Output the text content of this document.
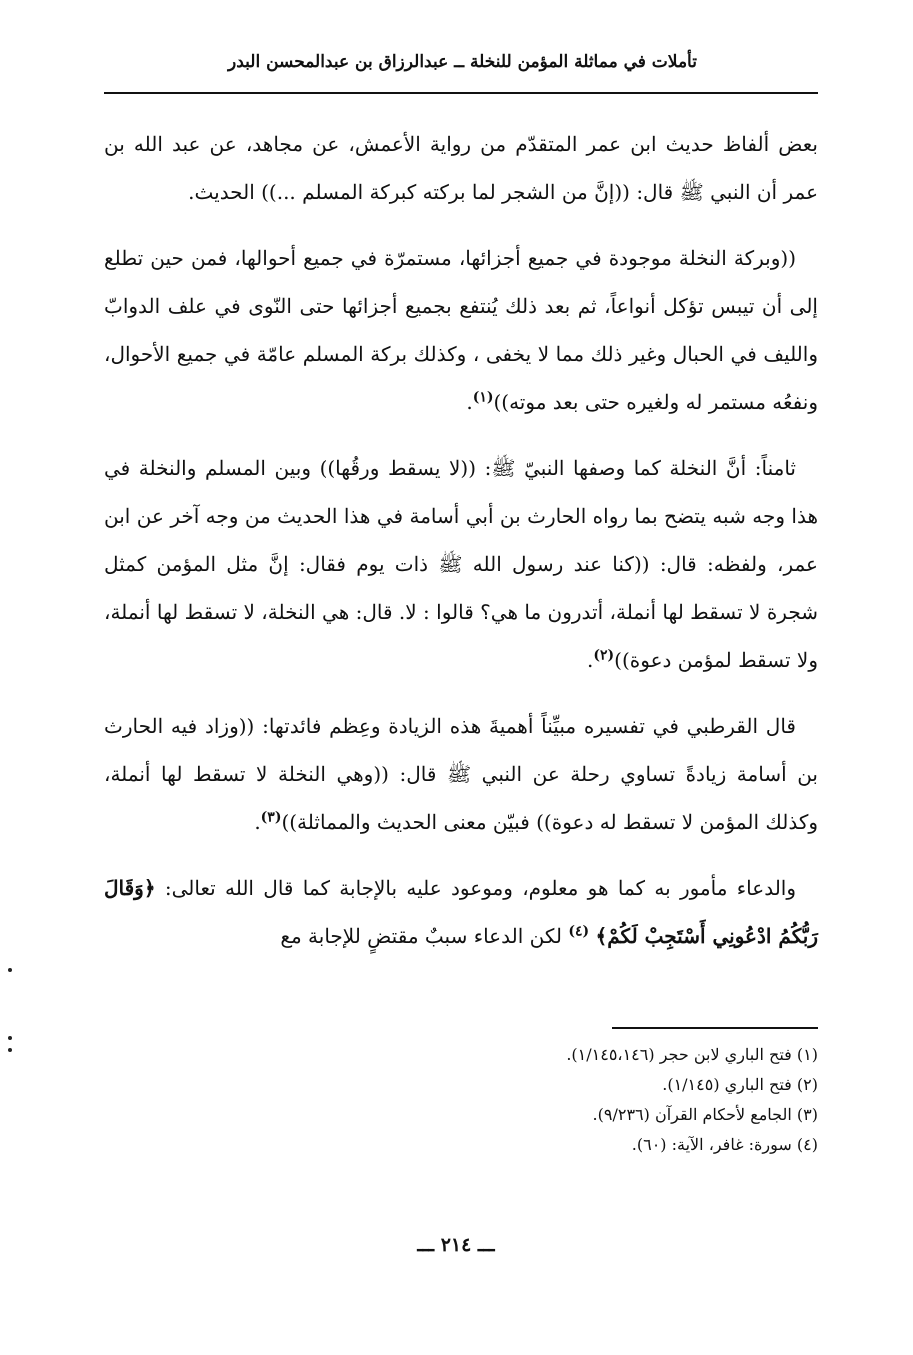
تأملات في مماثلة المؤمن للنخلة ــ عبدالرزاق بن عبدالمحسن البدر

بعض ألفاظ حديث ابن عمر المتقدّم من رواية الأعمش، عن مجاهد، عن عبد الله بن عمر أن النبي ﷺ قال: ((إنَّ من الشجر لما بركته كبركة المسلم ...)) الحديث.

((وبركة النخلة موجودة في جميع أجزائها، مستمرّة في جميع أحوالها، فمن حين تطلع إلى أن تيبس تؤكل أنواعاً، ثم بعد ذلك يُنتفع بجميع أجزائها حتى النّوى في علف الدوابّ والليف في الحبال وغير ذلك مما لا يخفى ، وكذلك بركة المسلم عامّة في جميع الأحوال، ونفعُه مستمر له ولغيره حتى بعد موته))$^{(١)}$.

ثامناً: أنَّ النخلة كما وصفها النبيّ ﷺ: ((لا يسقط ورقُها)) وبين المسلم والنخلة في هذا وجه شبه يتضح بما رواه الحارث بن أبي أسامة في هذا الحديث من وجه آخر عن ابن عمر، ولفظه: قال: ((كنا عند رسول الله ﷺ ذات يوم فقال: إنَّ مثل المؤمن كمثل شجرة لا تسقط لها أنملة، أتدرون ما هي؟ قالوا : لا. قال: هي النخلة، لا تسقط لها أنملة، ولا تسقط لمؤمن دعوة))$^{(٢)}$.

قال القرطبي في تفسيره مبيِّناً أهميةَ هذه الزيادة وعِظم فائدتها: ((وزاد فيه الحارث بن أسامة زيادةً تساوي رحلة عن النبي ﷺ قال: ((وهي النخلة لا تسقط لها أنملة، وكذلك المؤمن لا تسقط له دعوة)) فبيّن معنى الحديث والمماثلة))$^{(٣)}$.

والدعاء مأمور به كما هو معلوم، وموعود عليه بالإجابة كما قال الله تعالى: ﴿وَقَالَ رَبُّكُمُ ادْعُونِي أَسْتَجِبْ لَكُمْ﴾ $^{(٤)}$ لكن الدعاء سببٌ مقتضٍ للإجابة مع

(١) فتح الباري لابن حجر (١/١٤٥،١٤٦).
(٢) فتح الباري (١/١٤٥).
(٣) الجامع لأحكام القرآن (٩/٢٣٦).
(٤) سورة: غافر، الآية: (٦٠).
ـــ ٢١٤ ـــ
